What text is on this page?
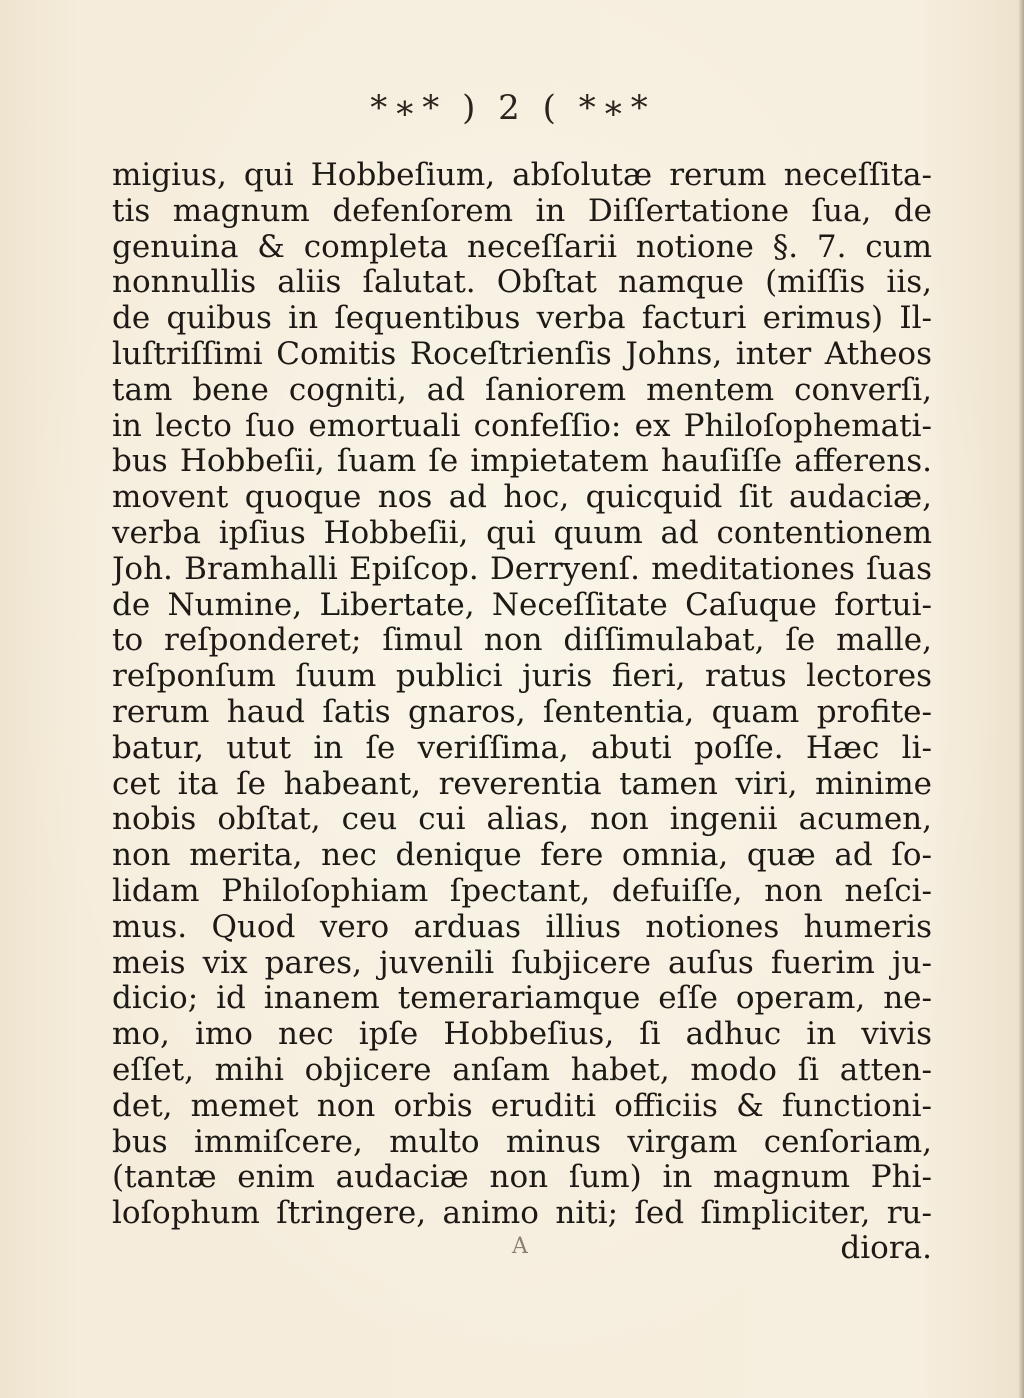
*∗* ) 2 ( *∗*
migius, qui Hobbeſium, abſolutæ rerum neceſſita-
tis magnum defenſorem in Diſſertatione ſua, de
genuina & completa neceſſarii notione §. 7. cum
nonnullis aliis ſalutat. Obſtat namque (miſſis iis,
de quibus in ſequentibus verba facturi erimus) Il-
luſtriſſimi Comitis Roceſtrienſis Johns, inter Atheos
tam bene cogniti, ad ſaniorem mentem converſi,
in lecto ſuo emortuali confeſſio: ex Philoſophemati-
bus Hobbeſii, ſuam ſe impietatem hauſiſſe afferens.
movent quoque nos ad hoc, quicquid ſit audaciæ,
verba ipſius Hobbeſii, qui quum ad contentionem
Joh. Bramhalli Epiſcop. Derryenſ. meditationes ſuas
de Numine, Libertate, Neceſſitate Caſuque fortui-
to reſponderet; ſimul non diſſimulabat, ſe malle,
reſponſum ſuum publici juris fieri, ratus lectores
rerum haud ſatis gnaros, ſententia, quam profite-
batur, utut in ſe veriſſima, abuti poſſe. Hæc li-
cet ita ſe habeant, reverentia tamen viri, minime
nobis obſtat, ceu cui alias, non ingenii acumen,
non merita, nec denique fere omnia, quæ ad ſo-
lidam Philoſophiam ſpectant, defuiſſe, non neſci-
mus. Quod vero arduas illius notiones humeris
meis vix pares, juvenili ſubjicere auſus fuerim ju-
dicio; id inanem temerariamque eſſe operam, ne-
mo, imo nec ipſe Hobbeſius, ſi adhuc in vivis
eſſet, mihi objicere anſam habet, modo ſi atten-
det, memet non orbis eruditi officiis & functioni-
bus immiſcere, multo minus virgam cenſoriam,
(tantæ enim audaciæ non ſum) in magnum Phi-
loſophum ſtringere, animo niti; ſed ſimpliciter, ru-
A	diora.
